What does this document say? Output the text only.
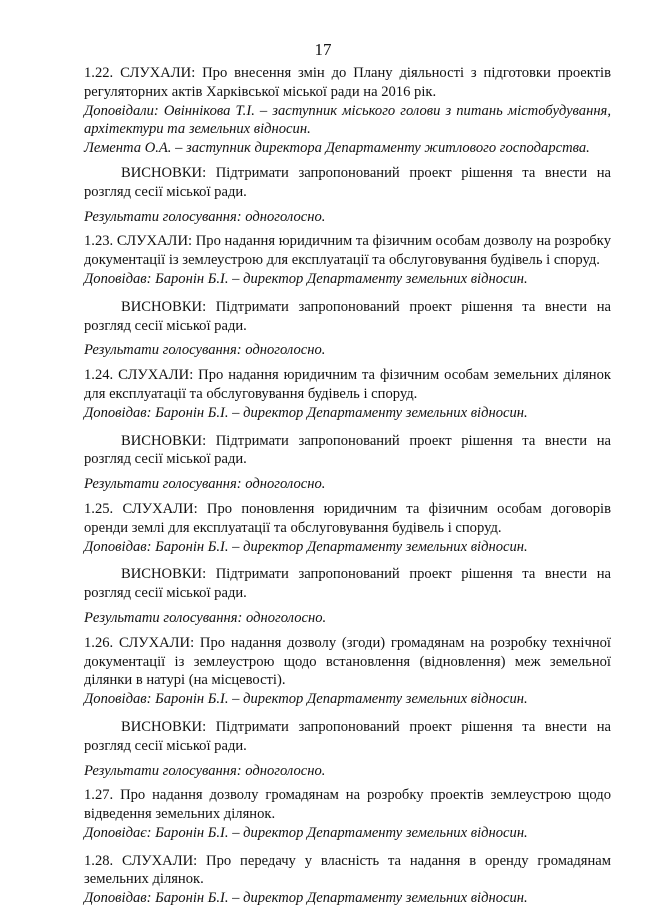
17

1.22. СЛУХАЛИ: Про внесення змін до Плану діяльності з підготовки проектів регуляторних актів Харківської міської ради на 2016 рік.

Доповідали: Овіннікова Т.І. – заступник міського голови з питань містобудування, архітектури та земельних відносин.

Лемента О.А. – заступник директора Департаменту житлового господарства.

ВИСНОВКИ: Підтримати запропонований проект рішення та внести на розгляд сесії міської ради.

Результати голосування: одноголосно.

1.23. СЛУХАЛИ: Про надання юридичним та фізичним особам дозволу на розробку документації із землеустрою для експлуатації та обслуговування будівель і споруд.

Доповідав: Баронін Б.І. – директор Департаменту земельних відносин.

ВИСНОВКИ: Підтримати запропонований проект рішення та внести на розгляд сесії міської ради.

Результати голосування: одноголосно.

1.24. СЛУХАЛИ: Про надання юридичним та фізичним особам земельних ділянок для експлуатації та обслуговування будівель і споруд.

Доповідав: Баронін Б.І. – директор Департаменту земельних відносин.

ВИСНОВКИ: Підтримати запропонований проект рішення та внести на розгляд сесії міської ради.

Результати голосування: одноголосно.

1.25. СЛУХАЛИ: Про поновлення юридичним та фізичним особам договорів оренди землі для експлуатації та обслуговування будівель і споруд.

Доповідав: Баронін Б.І. – директор Департаменту земельних відносин.

ВИСНОВКИ: Підтримати запропонований проект рішення та внести на розгляд сесії міської ради.

Рeзультати голосування: одноголосно.

1.26. СЛУХАЛИ: Про надання дозволу (згоди) громадянам на розробку технічної документації із землеустрою щодо встановлення (відновлення) меж земельної ділянки в натурі (на місцевості).

Доповідав: Баронін Б.І. – директор Департаменту земельних відносин.

ВИСНОВКИ: Підтримати запропонований проект рішення та внести на розгляд сесії міської ради.

Результати голосування: одноголосно.

1.27. Про надання дозволу громадянам на розробку проектів землеустрою щодо відведення земельних ділянок.

Доповідає: Баронін Б.І. – директор Департаменту земельних відносин.

1.28. СЛУХАЛИ: Про передачу у власність та надання в оренду громадянам земельних ділянок.

Доповідав: Баронін Б.І. – директор Департаменту земельних відносин.
